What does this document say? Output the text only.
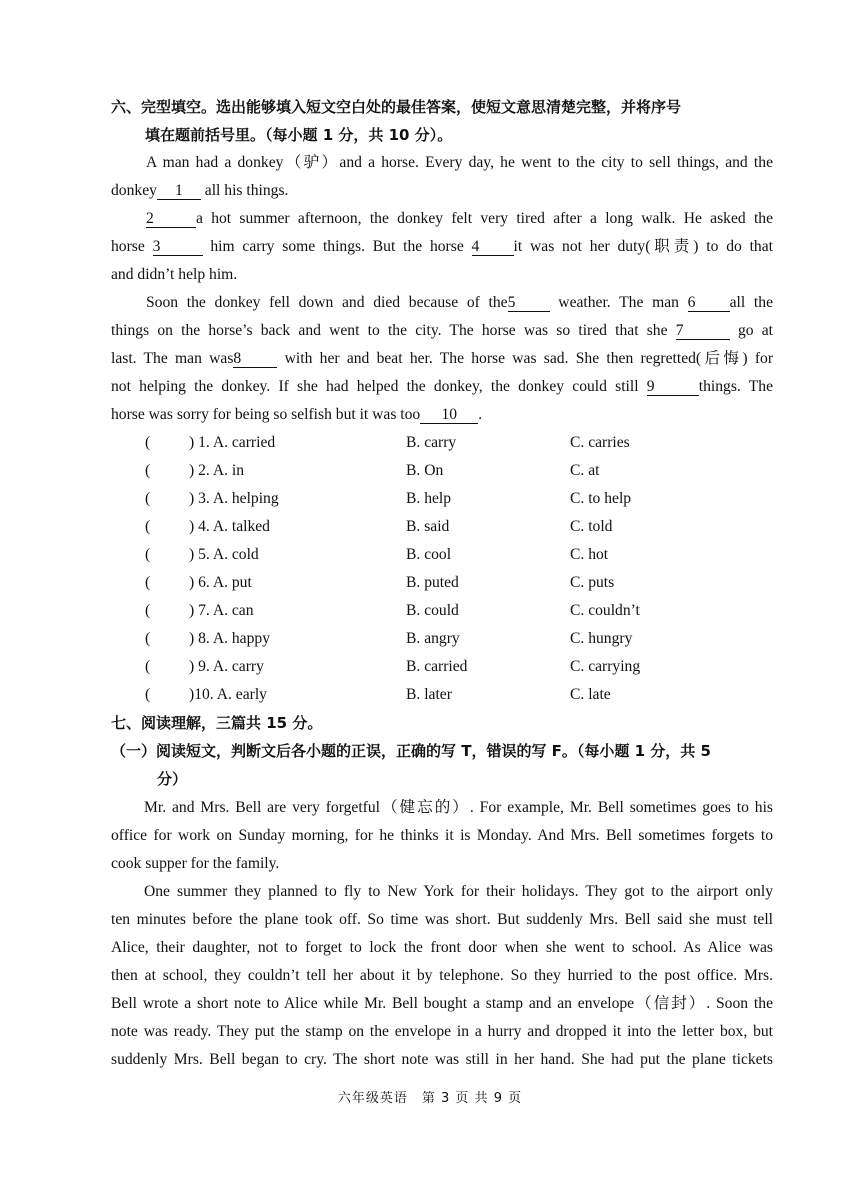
六、完型填空。选出能够填入短文空白处的最佳答案，使短文意思清楚完整，并将序号
填在题前括号里。（每小题 1 分，共 10 分）。
A man had a donkey（驴）and a horse. Every day, he went to the city to sell things, and the
donkey 1 all his things.
2	a hot summer afternoon, the donkey felt very tired after a long walk. He asked the
horse 3	him carry some things. But the horse 4 it was not her duty(职责) to do that
and didn’t help him.
Soon the donkey fell down and died because of the5 weather. The man 6 all the
things on the horse’s back and went to the city. The horse was so tired that she 7	go at
last. The man was8 with her and beat her. The horse was sad. She then regretted(后悔) for
not helping the donkey. If she had helped the donkey, the donkey could still 9	things. The
horse was sorry for being so selfish but it was too 10 .
( ) 1. A. carried	B. carry	C. carries
( ) 2. A. in	B. On	C. at
( ) 3. A. helping	B. help	C. to help
( ) 4. A. talked	B. said	C. told
( ) 5. A. cold	B. cool	C. hot
( ) 6. A. put	B. puted	C. puts
( ) 7. A. can	B. could	C. couldn’t
( ) 8. A. happy	B. angry	C. hungry
( ) 9. A. carry	B. carried	C. carrying
( )10. A. early	B. later	C. late
七、阅读理解，三篇共 15 分。
（一）阅读短文，判断文后各小题的正误，正确的写 T，错误的写 F。（每小题 1 分，共 5
分）
Mr. and Mrs. Bell are very forgetful（健忘的）. For example, Mr. Bell sometimes goes to his
office for work on Sunday morning, for he thinks it is Monday. And Mrs. Bell sometimes forgets to
cook supper for the family.
One summer they planned to fly to New York for their holidays. They got to the airport only
ten minutes before the plane took off. So time was short. But suddenly Mrs. Bell said she must tell
Alice, their daughter, not to forget to lock the front door when she went to school. As Alice was
then at school, they couldn’t tell her about it by telephone. So they hurried to the post office. Mrs.
Bell wrote a short note to Alice while Mr. Bell bought a stamp and an envelope（信封）. Soon the
note was ready. They put the stamp on the envelope in a hurry and dropped it into the letter box, but
suddenly Mrs. Bell began to cry. The short note was still in her hand. She had put the plane tickets
六年级英语　第 3 页 共 9 页
